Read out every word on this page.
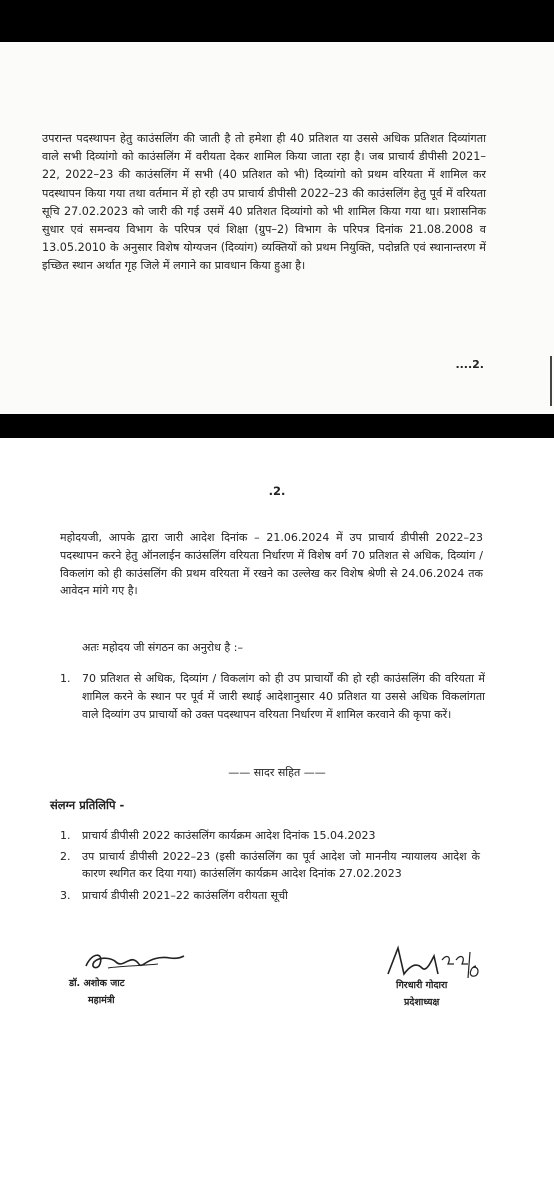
उपरान्त पदस्थापन हेतु काउंसलिंग की जाती है तो हमेशा ही 40 प्रतिशत या उससे अधिक प्रतिशत दिव्यांगता वाले सभी दिव्यांगो को काउंसलिंग में वरीयता देकर शामिल किया जाता रहा है। जब प्राचार्य डीपीसी 2021–22, 2022–23 की काउंसलिंग में सभी (40 प्रतिशत को भी) दिव्यांगो को प्रथम वरियता में शामिल कर पदस्थापन किया गया तथा वर्तमान में हो रही उप प्राचार्य डीपीसी 2022–23 की काउंसलिंग हेतु पूर्व में वरियता सूचि 27.02.2023 को जारी की गई उसमें 40 प्रतिशत दिव्यांगो को भी शामिल किया गया था। प्रशासनिक सुधार एवं समन्वय विभाग के परिपत्र एवं शिक्षा (ग्रुप–2) विभाग के परिपत्र दिनांक 21.08.2008 व 13.05.2010 के अनुसार विशेष योग्यजन (दिव्यांग) व्यक्तियों को प्रथम नियुक्ति, पदोन्नति एवं स्थानान्तरण में इच्छित स्थान अर्थात गृह जिले में लगाने का प्रावधान किया हुआ है।

....2.
.2.

महोदयजी, आपके द्वारा जारी आदेश दिनांक – 21.06.2024 में उप प्राचार्य डीपीसी 2022–23 पदस्थापन करने हेतु ऑनलाईन काउंसलिंग वरियता निर्धारण में विशेष वर्ग 70 प्रतिशत से अधिक, दिव्यांग / विकलांग को ही काउंसलिंग की प्रथम वरियता में रखने का उल्लेख कर विशेष श्रेणी से 24.06.2024 तक आवेदन मांगे गए है।

अतः महोदय जी संगठन का अनुरोध है :–

1. 70 प्रतिशत से अधिक, दिव्यांग / विकलांग को ही उप प्राचार्यों की हो रही काउंसलिंग की वरियता में शामिल करने के स्थान पर पूर्व में जारी स्थाई आदेशानुसार 40 प्रतिशत या उससे अधिक विकलांगता वाले दिव्यांग उप प्राचार्यो को उक्त पदस्थापन वरियता निर्धारण में शामिल करवाने की कृपा करें।
—— सादर सहित ——
संलग्न प्रतिलिपि -
1. प्राचार्य डीपीसी 2022 काउंसलिंग कार्यक्रम आदेश दिनांक 15.04.2023
2. उप प्राचार्य डीपीसी 2022–23 (इसी काउंसलिंग का पूर्व आदेश जो माननीय न्यायालय आदेश के कारण स्थगित कर दिया गया) काउंसलिंग कार्यक्रम आदेश दिनांक 27.02.2023
3. प्राचार्य डीपीसी 2021–22 काउंसलिंग वरीयता सूची
डॉ. अशोक जाट
महामंत्री
गिरधारी गोदारा
प्रदेशाध्यक्ष
